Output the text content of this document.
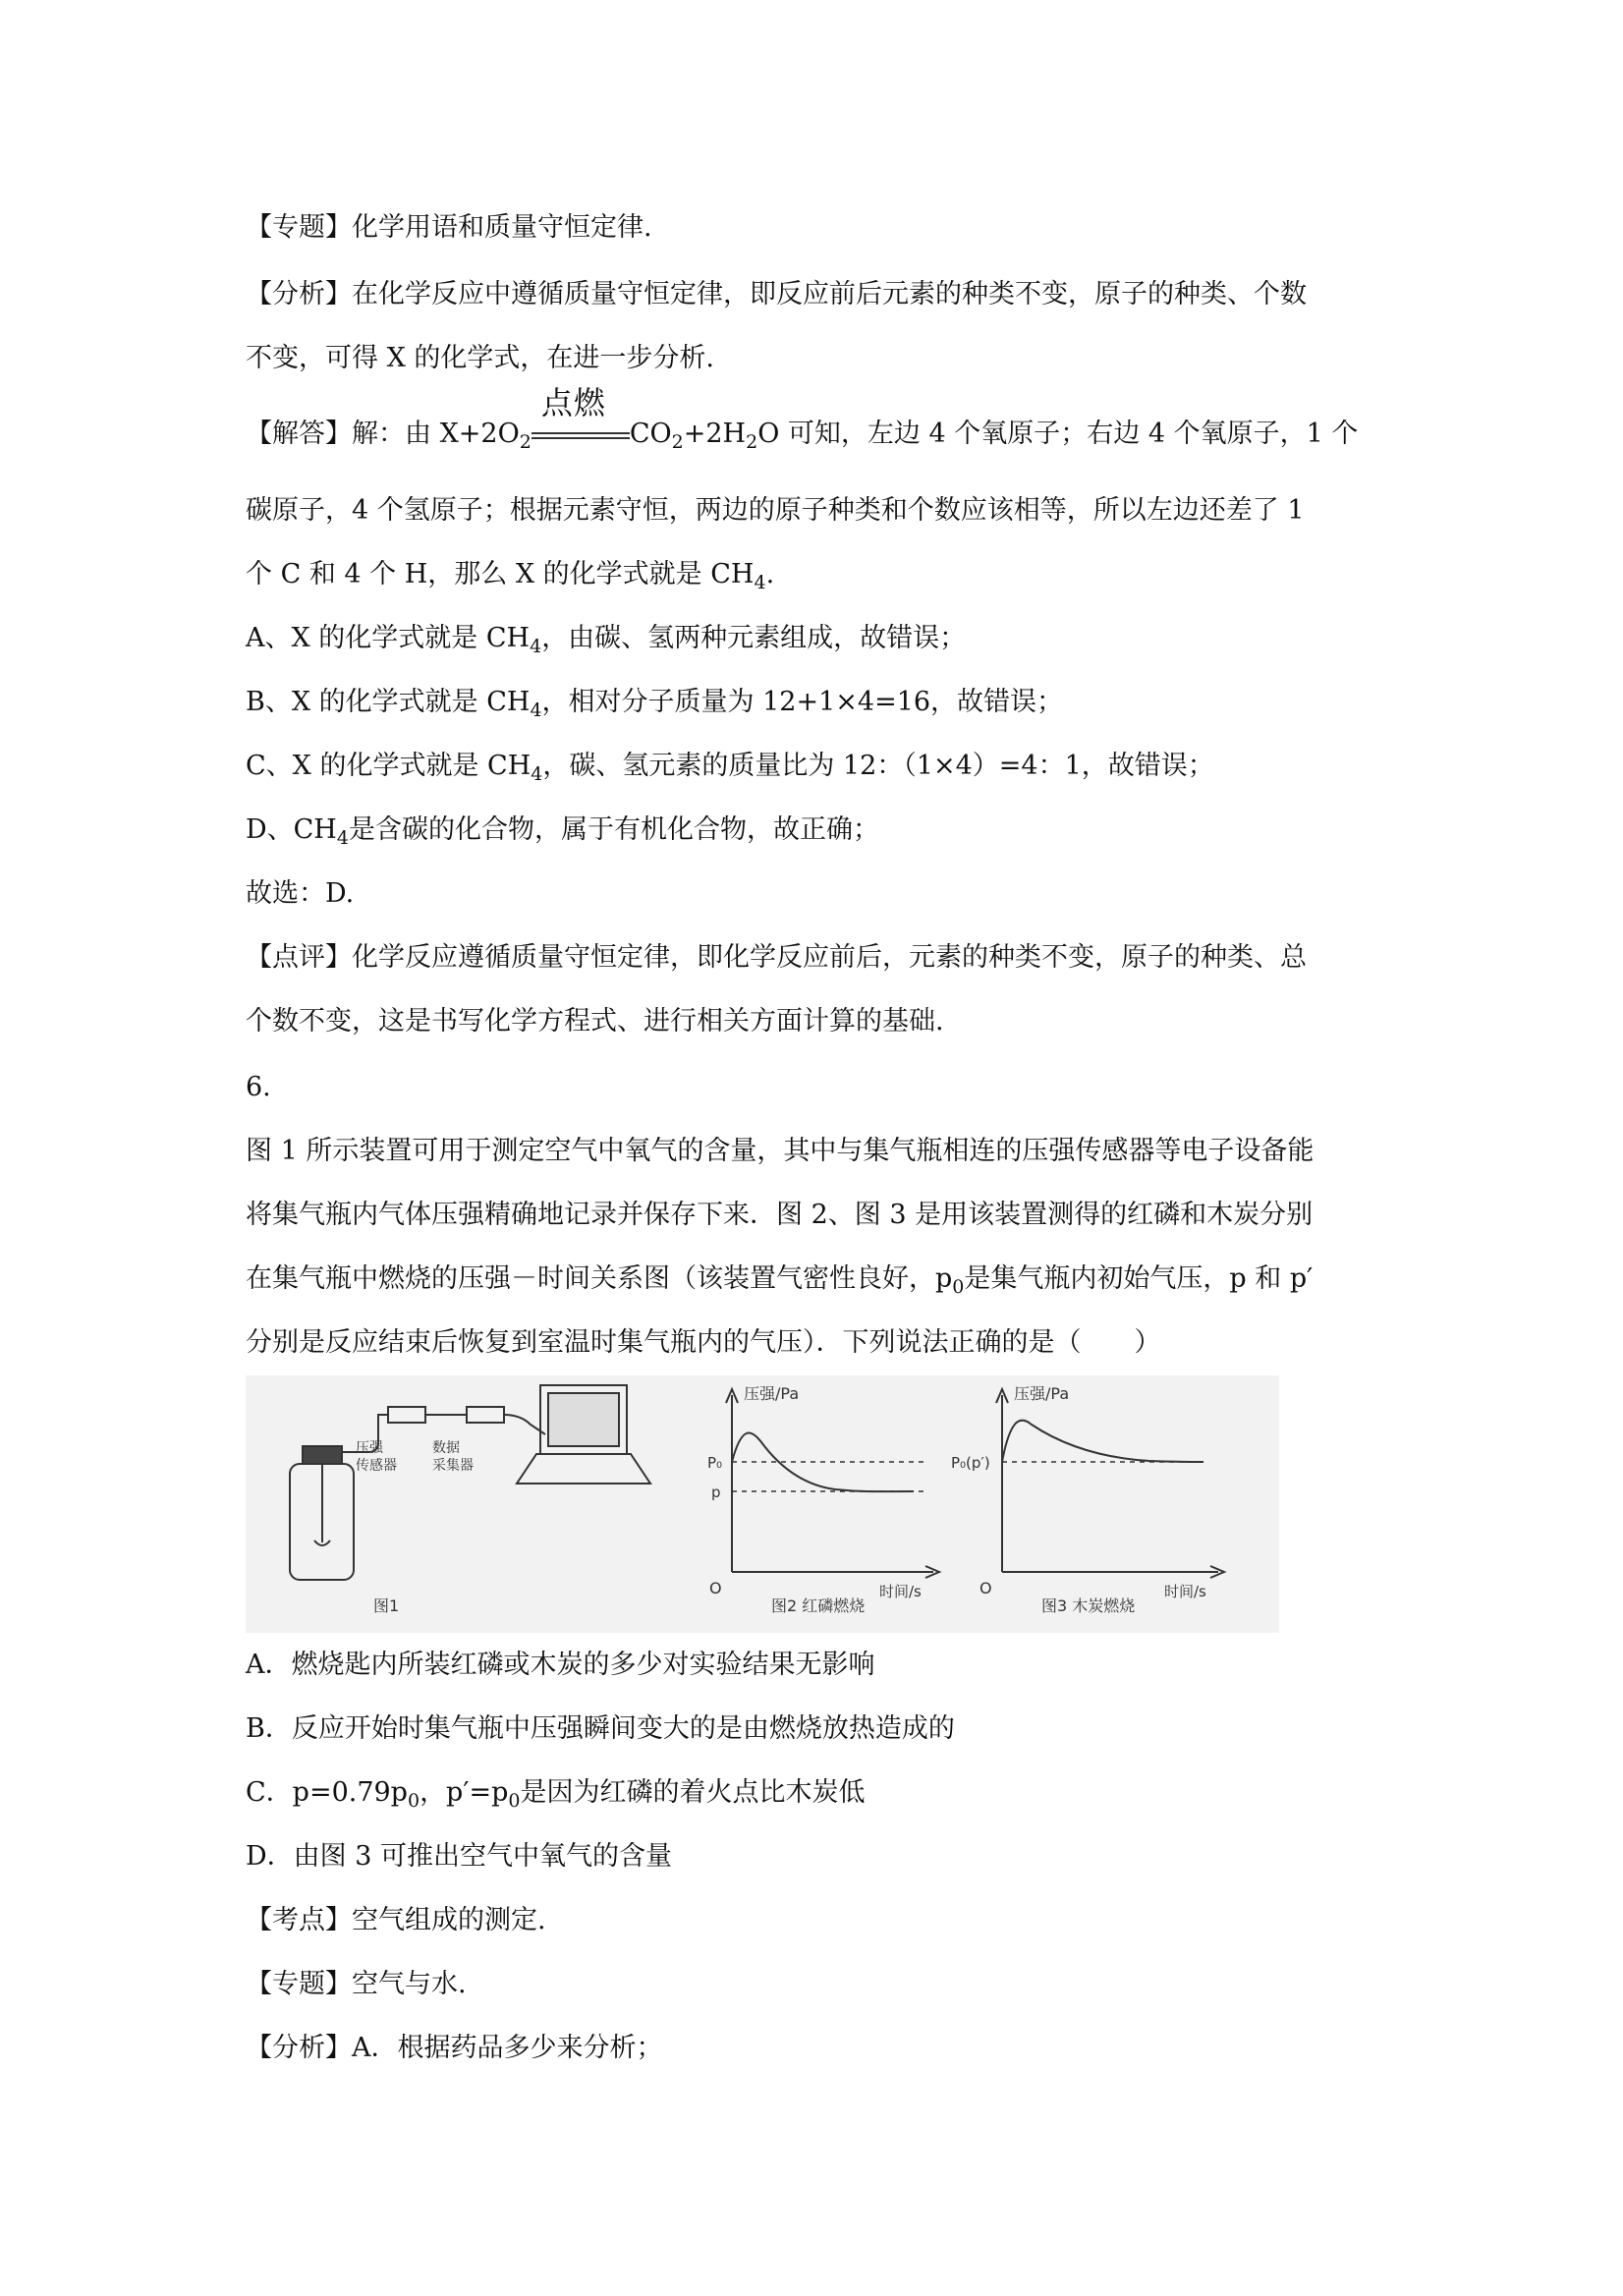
【专题】化学用语和质量守恒定律.
【分析】在化学反应中遵循质量守恒定律，即反应前后元素的种类不变，原子的种类、个数
不变，可得 X 的化学式，在进一步分析.
【解答】解：由 $X+2O_2$
点燃
$CO_2+2H_2O$ 可知，左边 4 个氧原子；右边 4 个氧原子，1 个
碳原子，4 个氢原子；根据元素守恒，两边的原子种类和个数应该相等，所以左边还差了 1
个 C 和 4 个 H，那么 X 的化学式就是 $CH_4$.
A、X 的化学式就是 $CH_4$，由碳、氢两种元素组成，故错误；
B、X 的化学式就是 $CH_4$，相对分子质量为 12+1×4=16，故错误；
C、X 的化学式就是 $CH_4$，碳、氢元素的质量比为 12：（1×4）=4：1，故错误；
D、$CH_4$是含碳的化合物，属于有机化合物，故正确；
故选：D.
【点评】化学反应遵循质量守恒定律，即化学反应前后，元素的种类不变，原子的种类、总
个数不变，这是书写化学方程式、进行相关方面计算的基础.
6.
图 1 所示装置可用于测定空气中氧气的含量，其中与集气瓶相连的压强传感器等电子设备能
将集气瓶内气体压强精确地记录并保存下来．图 2、图 3 是用该装置测得的红磷和木炭分别
在集气瓶中燃烧的压强－时间关系图（该装置气密性良好，$p_0$是集气瓶内初始气压，p 和 p′
分别是反应结束后恢复到室温时集气瓶内的气压）．下列说法正确的是（　　）
压强
传感器
数据
采集器
图1
压强/Pa
P₀
p
O	时间/s
图2 红磷燃烧
压强/Pa
P₀(p′)
O	时间/s
图3 木炭燃烧
A．燃烧匙内所装红磷或木炭的多少对实验结果无影响
B．反应开始时集气瓶中压强瞬间变大的是由燃烧放热造成的
C．$p=0.79p_0$，$p'=p_0$是因为红磷的着火点比木炭低
D．由图 3 可推出空气中氧气的含量
【考点】空气组成的测定.
【专题】空气与水.
【分析】A．根据药品多少来分析；
